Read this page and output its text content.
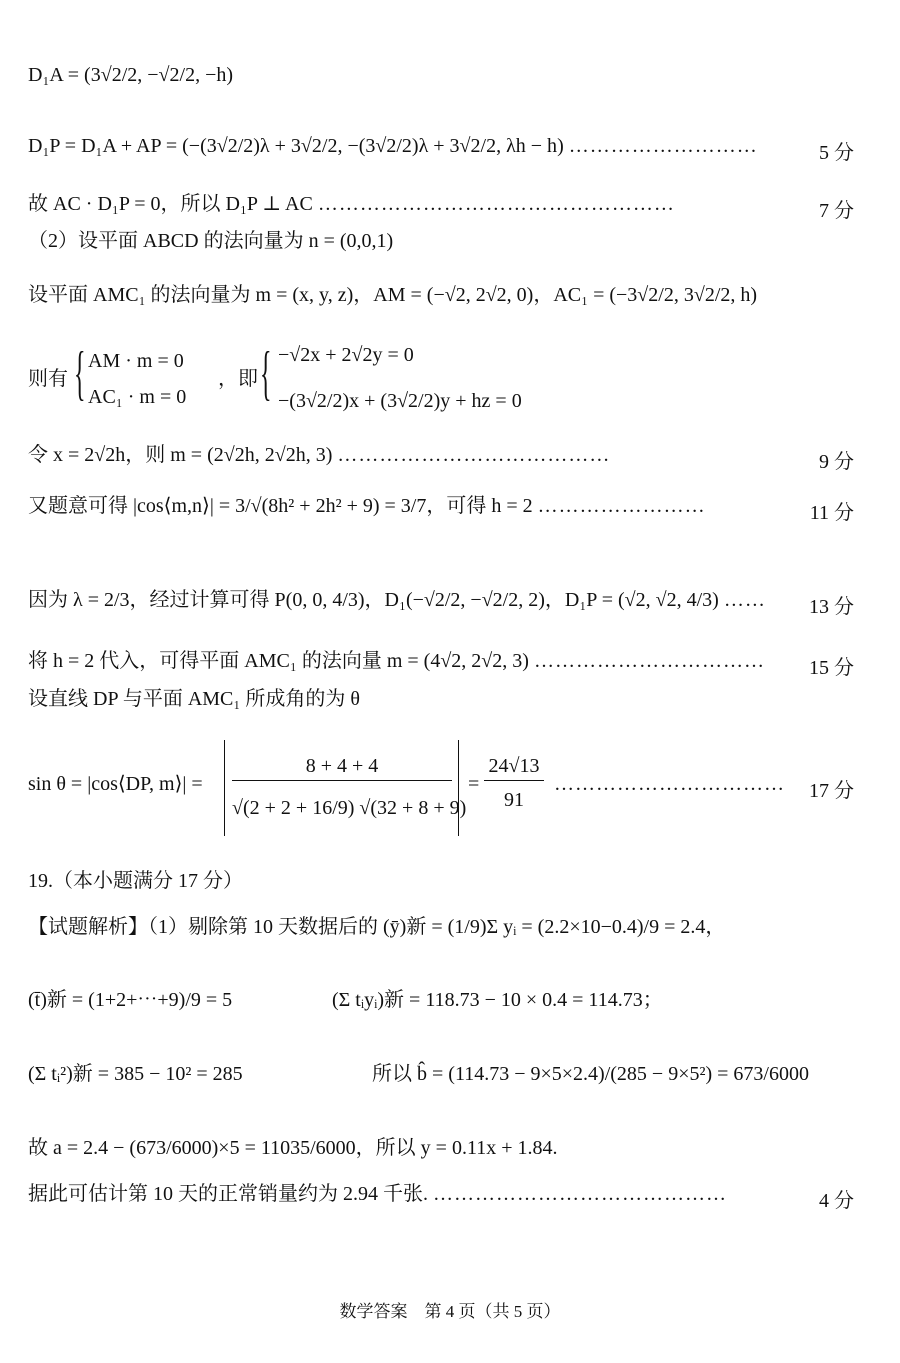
D₁A = (3√2/2, −√2/2, −h)
D₁P = D₁A + AP = (−(3√2/2)λ + 3√2/2, −(3√2/2)λ + 3√2/2, λh − h) ………………………	5 分
故 AC · D₁P = 0，所以 D₁P ⊥ AC ……………………………………………	7 分
（2）设平面 ABCD 的法向量为 n = (0,0,1)
设平面 AMC₁ 的法向量为 m = (x, y, z)，AM = (−√2, 2√2, 0)，AC₁ = (−3√2/2, 3√2/2, h)
则有 { AM · m = 0
AC₁ · m = 0
，即 { −√2x + 2√2y = 0
−(3√2/2)x + (3√2/2)y + hz = 0
令 x = 2√2h，则 m = (2√2h, 2√2h, 3) …………………………………	9 分
又题意可得 |cos⟨m,n⟩| = 3/√(8h² + 2h² + 9) = 3/7，可得 h = 2 ……………………	11 分
因为 λ = 2/3，经过计算可得 P(0, 0, 4/3)，D₁(−√2/2, −√2/2, 2)，D₁P = (√2, √2, 4/3) ……	13 分
将 h = 2 代入，可得平面 AMC₁ 的法向量 m = (4√2, 2√2, 3) ……………………………	15 分
设直线 DP 与平面 AMC₁ 所成角的为 θ
sin θ = |cos⟨DP, m⟩| =
8 + 4 + 4
√(2 + 2 + 16/9) √(32 + 8 + 9)
=
24√13
91
…………………………… 17 分
19.（本小题满分 17 分）
【试题解析】（1）剔除第 10 天数据后的 (ȳ)新 = (1/9)Σ yᵢ = (2.2×10−0.4)/9 = 2.4，
(t̄)新 = (1+2+⋯+9)/9 = 5	(Σ tᵢyᵢ)新 = 118.73 − 10 × 0.4 = 114.73；
(Σ tᵢ²)新 = 385 − 10² = 285	所以 b̂ = (114.73 − 9×5×2.4)/(285 − 9×5²) = 673/6000
故 a = 2.4 − (673/6000)×5 = 11035/6000，所以 y = 0.11x + 1.84.
据此可估计第 10 天的正常销量约为 2.94 千张. ……………………………………	4 分
数学答案　第 4 页（共 5 页）
